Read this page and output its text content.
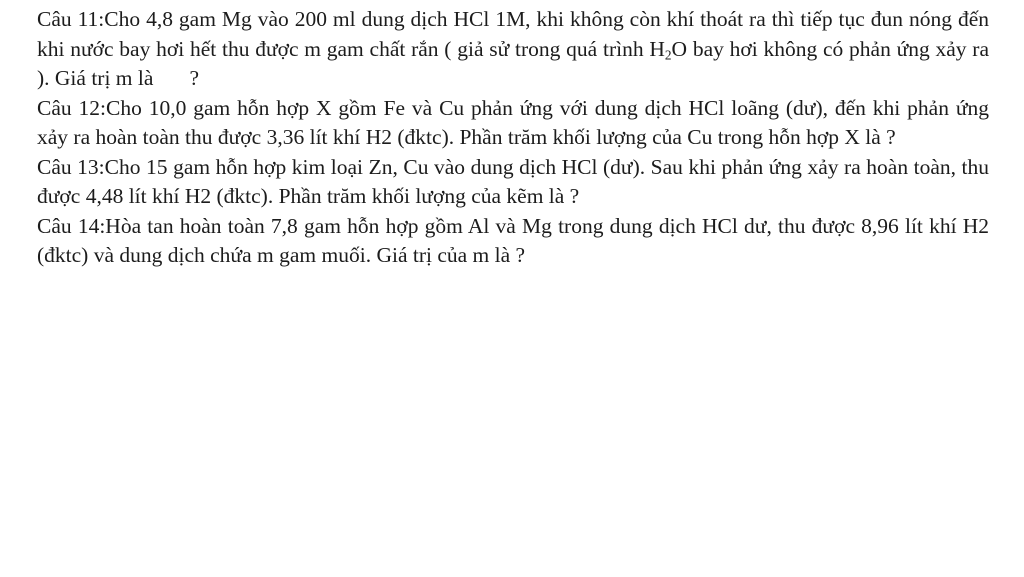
Câu 11:Cho 4,8 gam Mg vào 200 ml dung dịch HCl 1M, khi không còn khí thoát ra thì tiếp tục đun nóng đến khi nước bay hơi hết thu được m gam chất rắn ( giả sử trong quá trình $H_2O$ bay hơi không có phản ứng xảy ra ). Giá trị m là ?

Câu 12:Cho 10,0 gam hỗn hợp X gồm Fe và Cu phản ứng với dung dịch HCl loãng (dư), đến khi phản ứng xảy ra hoàn toàn thu được 3,36 lít khí H2 (đktc). Phần trăm khối lượng của Cu trong hỗn hợp X là ?

Câu 13:Cho 15 gam hỗn hợp kim loại Zn, Cu vào dung dịch HCl (dư). Sau khi phản ứng xảy ra hoàn toàn, thu được 4,48 lít khí H2 (đktc). Phần trăm khối lượng của kẽm là ?

Câu 14:Hòa tan hoàn toàn 7,8 gam hỗn hợp gồm Al và Mg trong dung dịch HCl dư, thu được 8,96 lít khí H2 (đktc) và dung dịch chứa m gam muối. Giá trị của m là ?
